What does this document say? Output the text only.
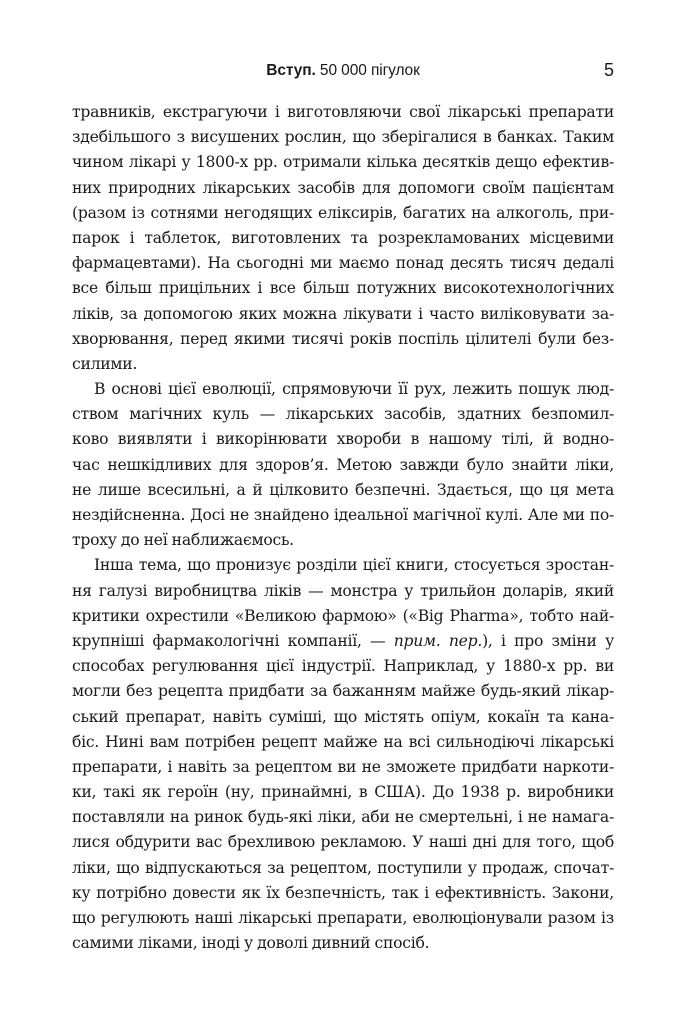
Вступ. 50 000 пігулок	5
травників, екстрагуючи і виготовляючи свої лікарські препарати
здебільшого з висушених рослин, що зберігалися в банках. Таким
чином лікарі у 1800-х рр. отримали кілька десятків дещо ефектив-
них природних лікарських засобів для допомоги своїм пацієнтам
(разом із сотнями негодящих еліксирів, багатих на алкоголь, при-
парок і таблеток, виготовлених та розрекламованих місцевими
фармацевтами). На сьогодні ми маємо понад десять тисяч дедалі
все більш прицільних і все більш потужних високотехнологічних
ліків, за допомогою яких можна лікувати і часто виліковувати за-
хворювання, перед якими тисячі років поспіль цілителі були без-
силими.
В основі цієї еволюції, спрямовуючи її рух, лежить пошук люд-
ством магічних куль — лікарських засобів, здатних безпомил-
ково виявляти і викорінювати хвороби в нашому тілі, й водно-
час нешкідливих для здоров’я. Метою завжди було знайти ліки,
не лише всесильні, а й цілковито безпечні. Здається, що ця мета
нездійсненна. Досі не знайдено ідеальної магічної кулі. Але ми по-
троху до неї наближаємось.
Інша тема, що пронизує розділи цієї книги, стосується зростан-
ня галузі виробництва ліків — монстра у трильйон доларів, який
критики охрестили «Великою фармою» («Big Pharma», тобто най-
крупніші фармакологічні компанії, — прим. пер.), і про зміни у
способах регулювання цієї індустрії. Наприклад, у 1880-х рр. ви
могли без рецепта придбати за бажанням майже будь-який лікар-
ський препарат, навіть суміші, що містять опіум, кокаїн та кана-
біс. Нині вам потрібен рецепт майже на всі сильнодіючі лікарські
препарати, і навіть за рецептом ви не зможете придбати наркоти-
ки, такі як героїн (ну, принаймні, в США). До 1938 р. виробники
поставляли на ринок будь-які ліки, аби не смертельні, і не намага-
лися обдурити вас брехливою рекламою. У наші дні для того, щоб
ліки, що відпускаються за рецептом, поступили у продаж, спочат-
ку потрібно довести як їх безпечність, так і ефективність. Закони,
що регулюють наші лікарські препарати, еволюціонували разом із
самими ліками, іноді у доволі дивний спосіб.
